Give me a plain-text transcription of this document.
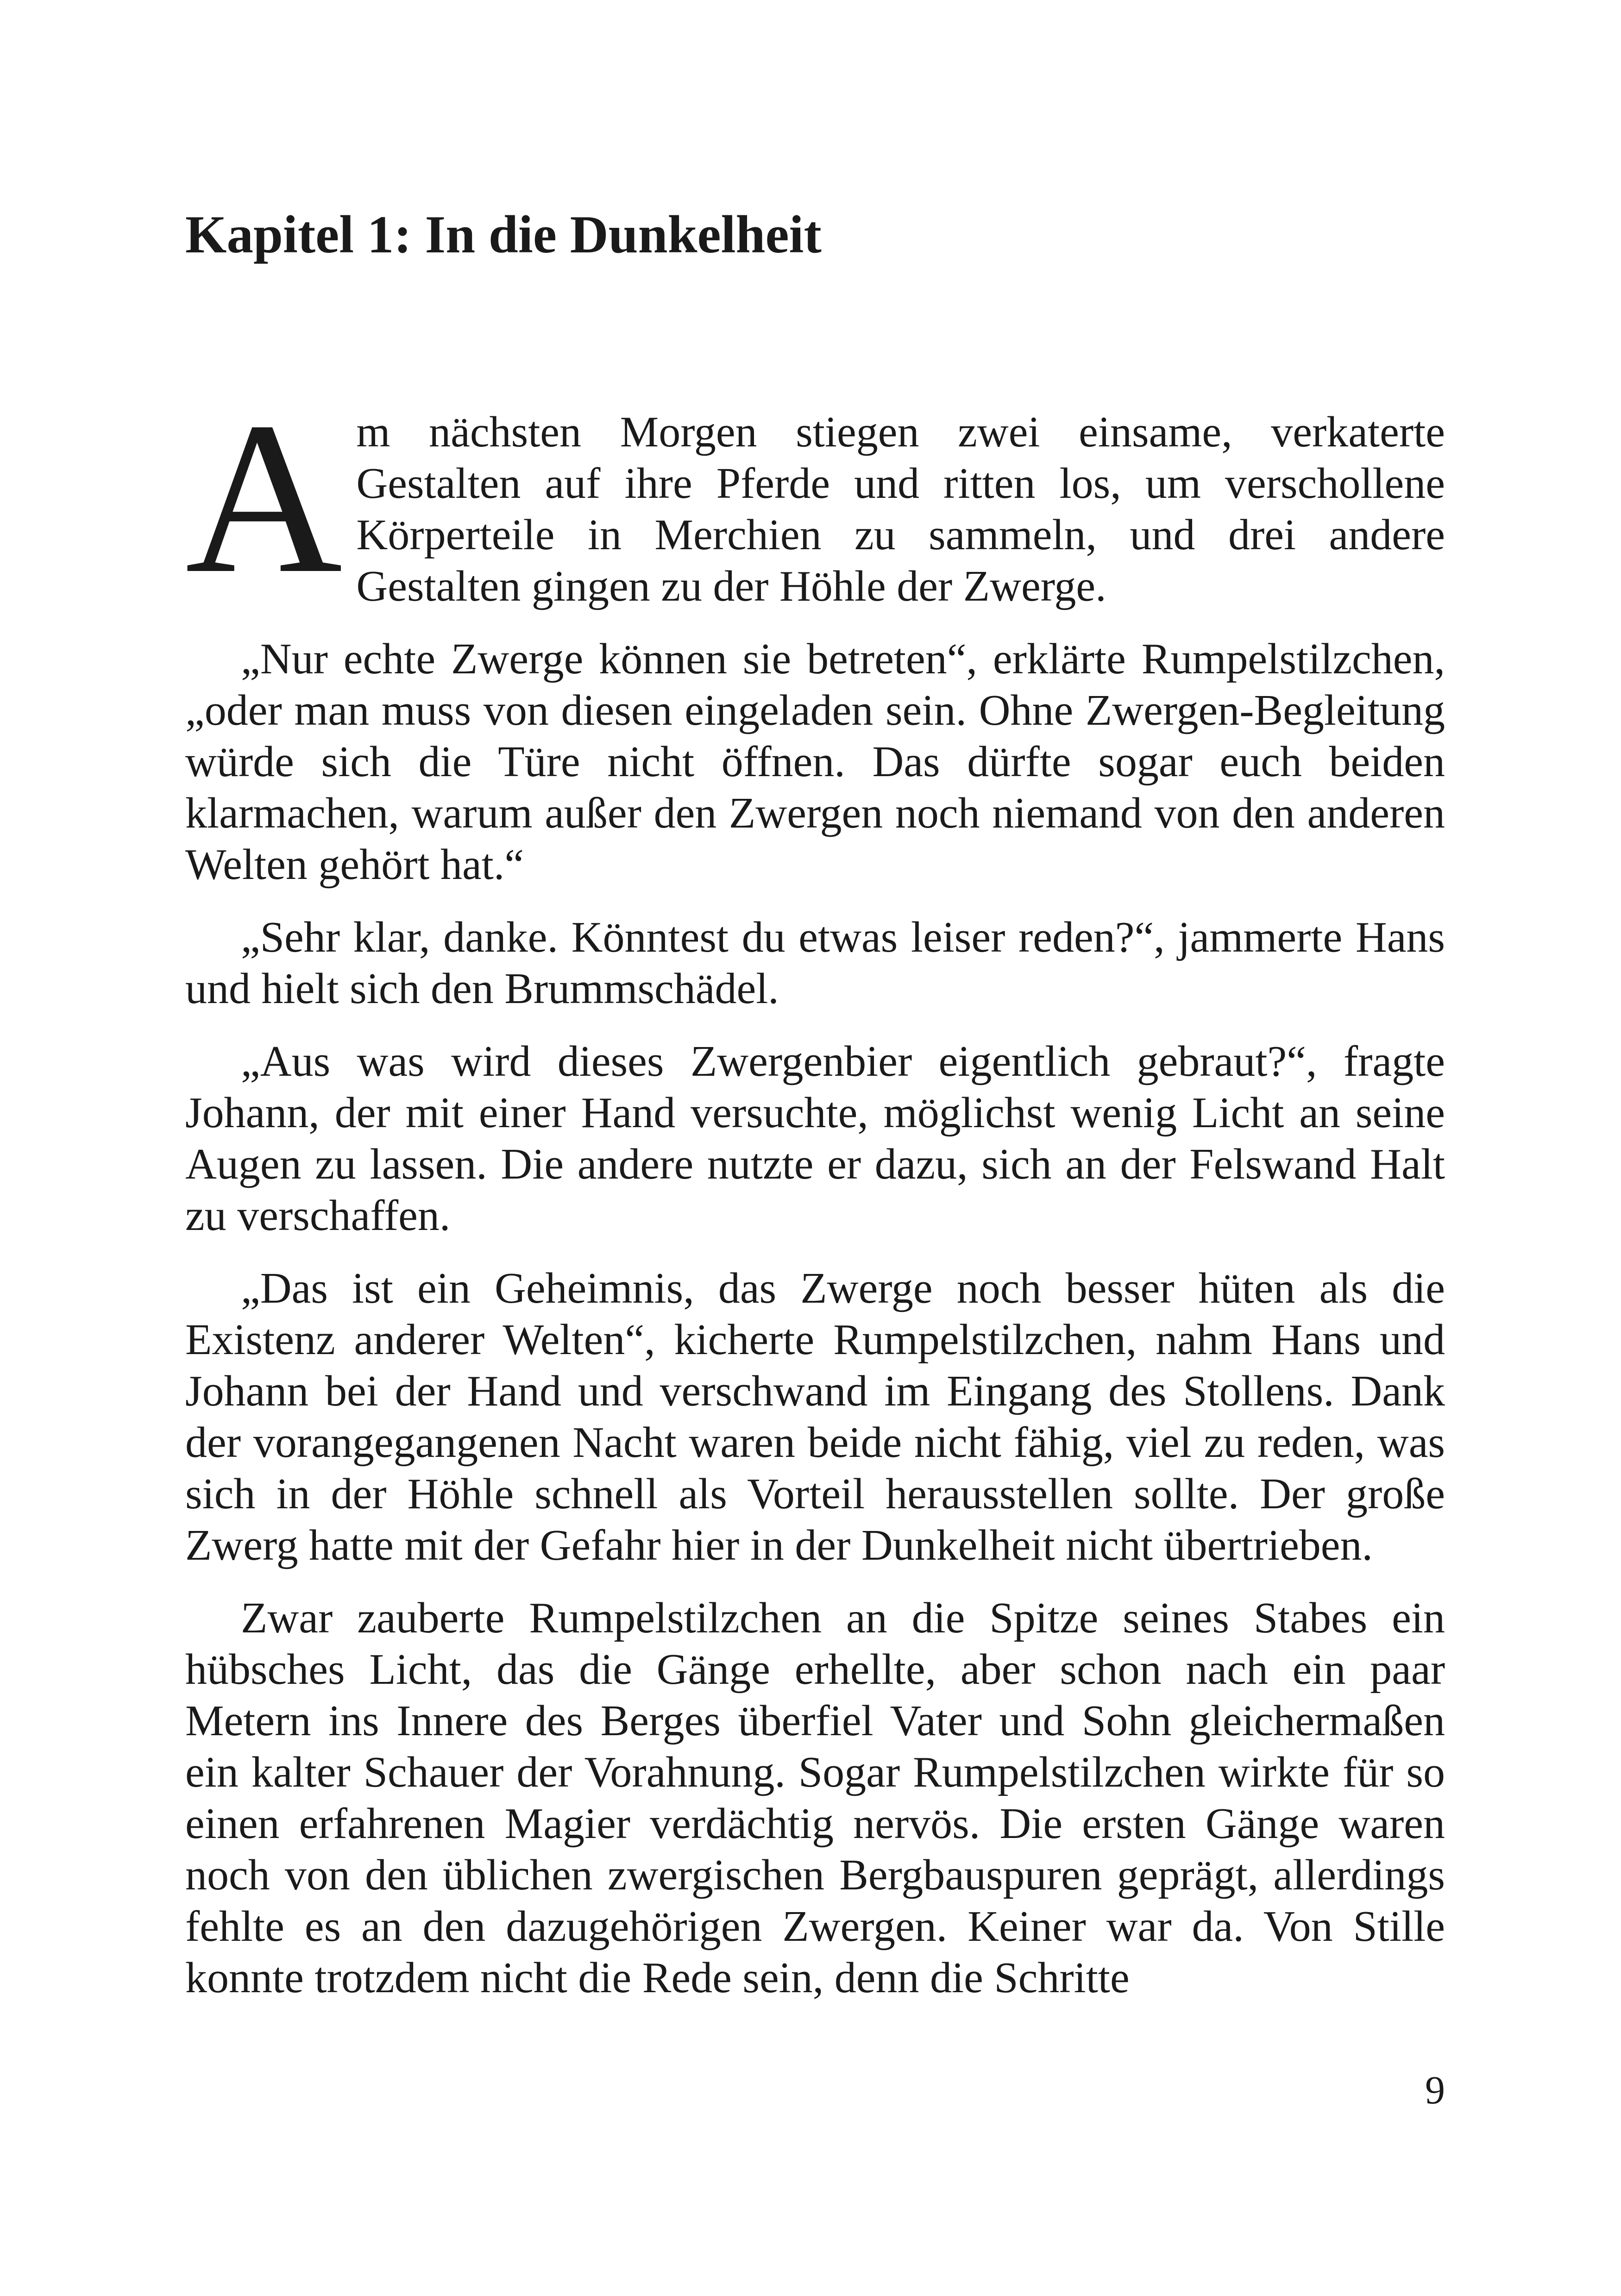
Kapitel 1: In die Dunkelheit

Am nächsten Morgen stiegen zwei einsame, verkaterte Gestalten auf ihre Pferde und ritten los, um verschollene Körperteile in Merchien zu sammeln, und drei andere Gestalten gingen zu der Höhle der Zwerge.

„Nur echte Zwerge können sie betreten“, erklärte Rumpelstilzchen, „oder man muss von diesen eingeladen sein. Ohne Zwergen-Begleitung würde sich die Türe nicht öffnen. Das dürfte sogar euch beiden klarmachen, warum außer den Zwergen noch niemand von den anderen Welten gehört hat.“

„Sehr klar, danke. Könntest du etwas leiser reden?“, jammerte Hans und hielt sich den Brummschädel.

„Aus was wird dieses Zwergenbier eigentlich gebraut?“, fragte Johann, der mit einer Hand versuchte, möglichst wenig Licht an seine Augen zu lassen. Die andere nutzte er dazu, sich an der Felswand Halt zu verschaffen.

„Das ist ein Geheimnis, das Zwerge noch besser hüten als die Existenz anderer Welten“, kicherte Rumpelstilzchen, nahm Hans und Johann bei der Hand und verschwand im Eingang des Stollens. Dank der vorangegangenen Nacht waren beide nicht fähig, viel zu reden, was sich in der Höhle schnell als Vorteil herausstellen sollte. Der große Zwerg hatte mit der Gefahr hier in der Dunkelheit nicht übertrieben.

Zwar zauberte Rumpelstilzchen an die Spitze seines Stabes ein hübsches Licht, das die Gänge erhellte, aber schon nach ein paar Metern ins Innere des Berges überfiel Vater und Sohn gleichermaßen ein kalter Schauer der Vorahnung. Sogar Rumpelstilzchen wirkte für so einen erfahrenen Magier verdächtig nervös. Die ersten Gänge waren noch von den üblichen zwergischen Bergbauspuren geprägt, allerdings fehlte es an den dazugehörigen Zwergen. Keiner war da. Von Stille konnte trotzdem nicht die Rede sein, denn die Schritte

9
